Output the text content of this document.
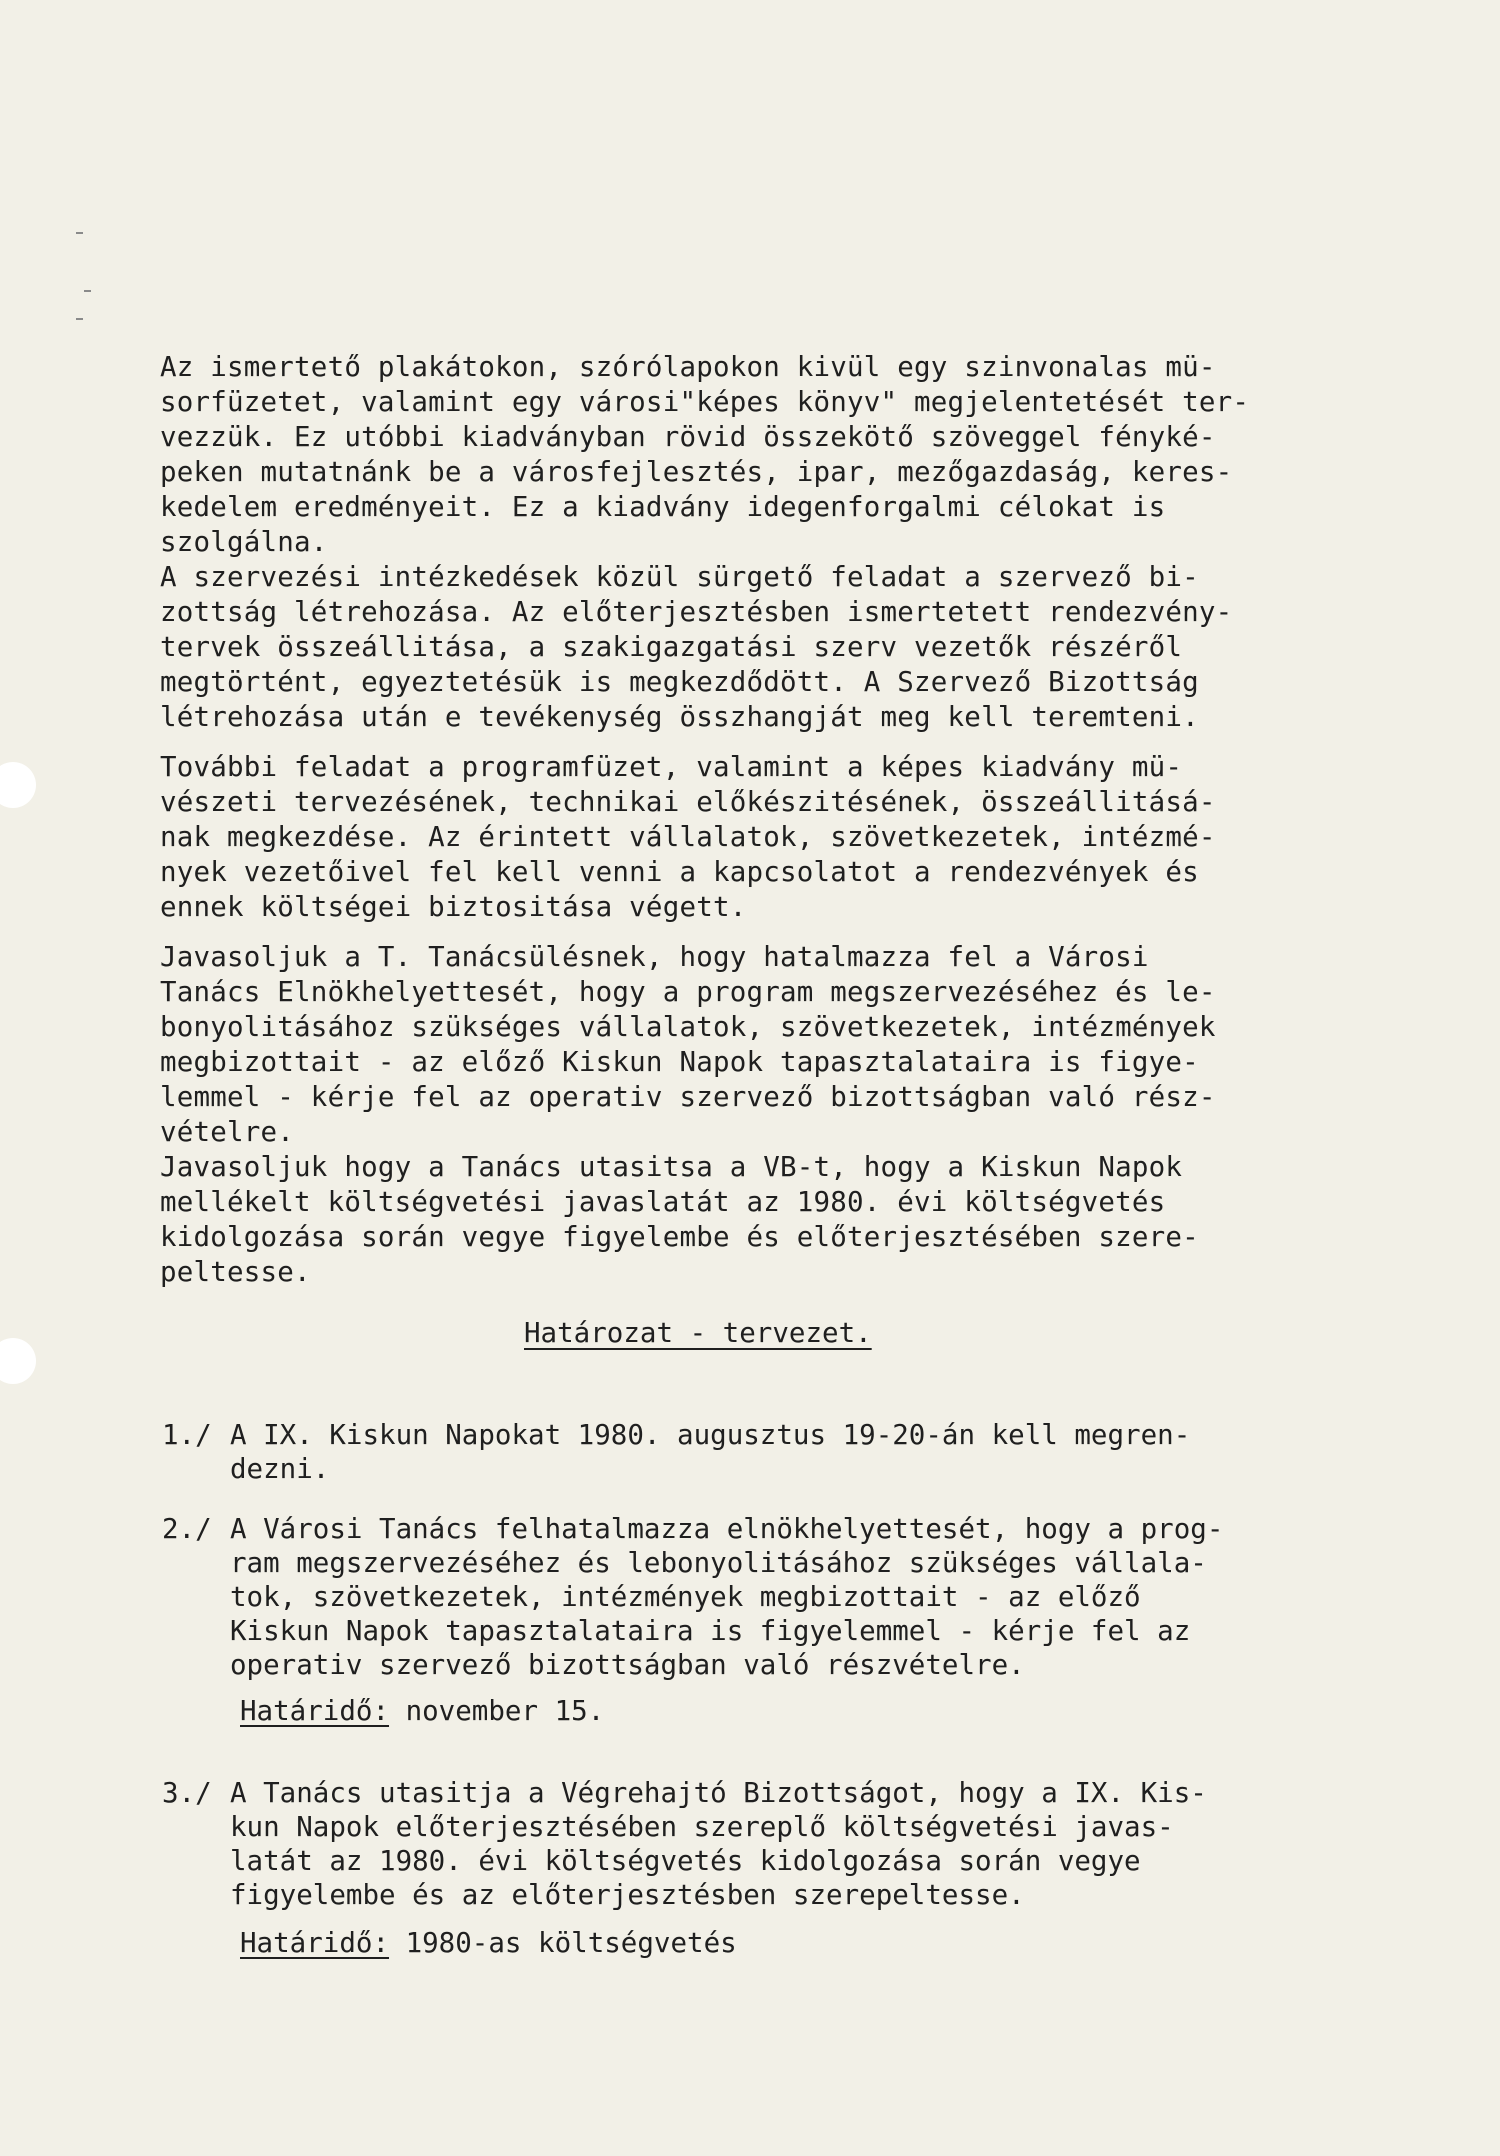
Az ismertető plakátokon, szórólapokon kivül egy szinvonalas mü-
sorfüzetet, valamint egy városi"képes könyv" megjelentetését ter-
vezzük. Ez utóbbi kiadványban rövid összekötő szöveggel fényké-
peken mutatnánk be a városfejlesztés, ipar, mezőgazdaság, keres-
kedelem eredményeit. Ez a kiadvány idegenforgalmi célokat is
szolgálna.

A szervezési intézkedések közül sürgető feladat a szervező bi-
zottság létrehozása. Az előterjesztésben ismertetett rendezvény-
tervek összeállitása, a szakigazgatási szerv vezetők részéről
megtörtént, egyeztetésük is megkezdődött. A Szervező Bizottság
létrehozása után e tevékenység összhangját meg kell teremteni.

További feladat a programfüzet, valamint a képes kiadvány mü-
vészeti tervezésének, technikai előkészitésének, összeállitásá-
nak megkezdése. Az érintett vállalatok, szövetkezetek, intézmé-
nyek vezetőivel fel kell venni a kapcsolatot a rendezvények és
ennek költségei biztositása végett.

Javasoljuk a T. Tanácsülésnek, hogy hatalmazza fel a Városi
Tanács Elnökhelyettesét, hogy a program megszervezéséhez és le-
bonyolitásához szükséges vállalatok, szövetkezetek, intézmények
megbizottait - az előző Kiskun Napok tapasztalataira is figye-
lemmel - kérje fel az operativ szervező bizottságban való rész-
vételre.
Javasoljuk hogy a Tanács utasitsa a VB-t, hogy a Kiskun Napok
mellékelt költségvetési javaslatát az 1980. évi költségvetés
kidolgozása során vegye figyelembe és előterjesztésében szere-
peltesse.

Határozat - tervezet.

1./

A IX. Kiskun Napokat 1980. augusztus 19-20-án kell megren-
dezni.

2./

A Városi Tanács felhatalmazza elnökhelyettesét, hogy a prog-
ram megszervezéséhez és lebonyolitásához szükséges vállala-
tok, szövetkezetek, intézmények megbizottait - az előző
Kiskun Napok tapasztalataira is figyelemmel - kérje fel az
operativ szervező bizottságban való részvételre.

Határidő: november 15.

3./

A Tanács utasitja a Végrehajtó Bizottságot, hogy a IX. Kis-
kun Napok előterjesztésében szereplő költségvetési javas-
latát az 1980. évi költségvetés kidolgozása során vegye
figyelembe és az előterjesztésben szerepeltesse.

Határidő: 1980-as költségvetés
